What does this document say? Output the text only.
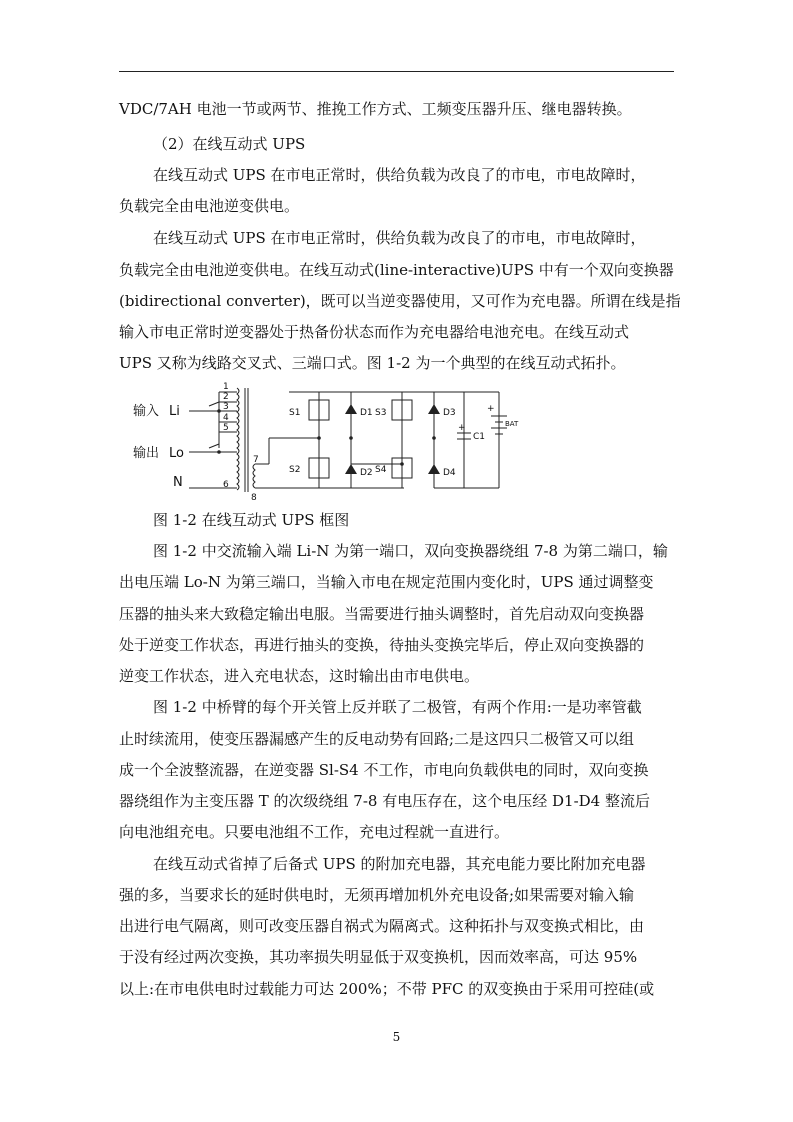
VDC/7AH 电池一节或两节、推挽工作方式、工频变压器升压、继电器转换。
（2）在线互动式 UPS
在线互动式 UPS 在市电正常时，供给负载为改良了的市电，市电故障时，
负载完全由电池逆变供电。
在线互动式 UPS 在市电正常时，供给负载为改良了的市电，市电故障时，
负载完全由电池逆变供电。在线互动式(line-interactive)UPS 中有一个双向变换器
(bidirectional converter)，既可以当逆变器使用，又可作为充电器。所谓在线是指
输入市电正常时逆变器处于热备份状态而作为充电器给电池充电。在线互动式
UPS 又称为线路交叉式、三端口式。图 1-2 为一个典型的在线互动式拓扑。
输入 Li
输出 Lo
N
1
2
3
4
5
6
7
8
S1
S2
S3
S4
D1
D2
D3
D4
C1
+
+
BAT
图 1-2 在线互动式 UPS 框图
图 1-2 中交流输入端 Li-N 为第一端口，双向变换器绕组 7-8 为第二端口，输
出电压端 Lo-N 为第三端口，当输入市电在规定范围内变化时，UPS 通过调整变
压器的抽头来大致稳定输出电服。当需要进行抽头调整时，首先启动双向变换器
处于逆变工作状态，再进行抽头的变换，待抽头变换完毕后，停止双向变换器的
逆变工作状态，进入充电状态，这时输出由市电供电。
图 1-2 中桥臂的每个开关管上反并联了二极管，有两个作用:一是功率管截
止时续流用，使变压器漏感产生的反电动势有回路;二是这四只二极管又可以组
成一个全波整流器，在逆变器 Sl-S4 不工作，市电向负载供电的同时，双向变换
器绕组作为主变压器 T 的次级绕组 7-8 有电压存在，这个电压经 D1-D4 整流后
向电池组充电。只要电池组不工作，充电过程就一直进行。
在线互动式省掉了后备式 UPS 的附加充电器，其充电能力要比附加充电器
强的多，当要求长的延时供电时，无须再增加机外充电设备;如果需要对输入输
出进行电气隔离，则可改变压器自祸式为隔离式。这种拓扑与双变换式相比，由
于没有经过两次变换，其功率损失明显低于双变换机，因而效率高，可达 95%
以上:在市电供电时过载能力可达 200%；不带 PFC 的双变换由于采用可控硅(或
5
